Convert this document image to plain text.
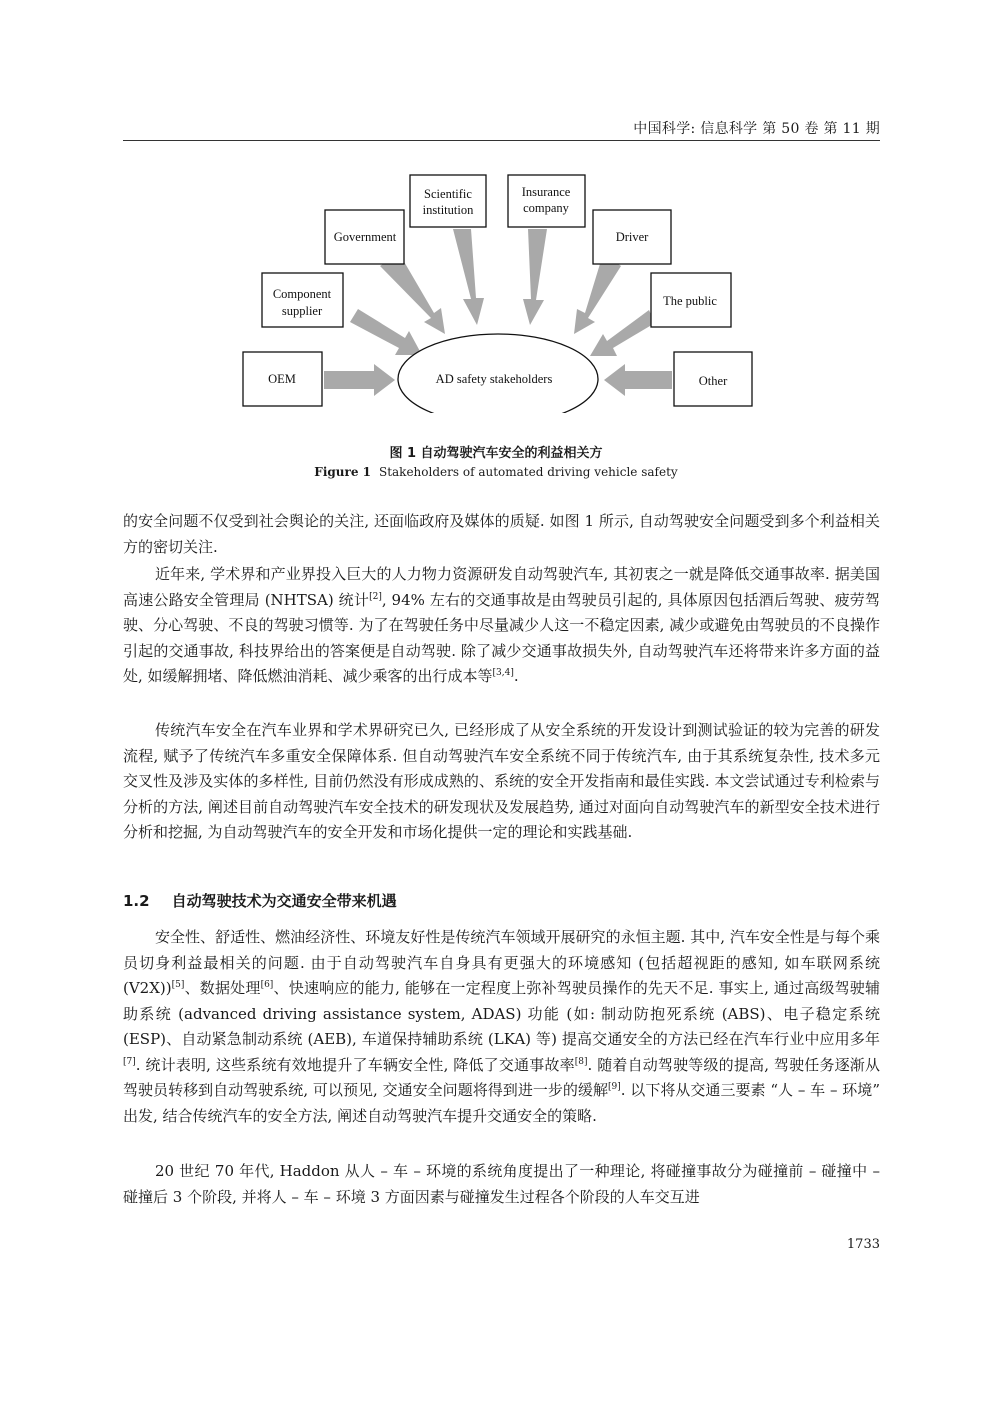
中国科学: 信息科学 第 50 卷 第 11 期
OEM
Component
supplier
Government
Scientific
institution
Insurance
company
Driver
The public
Other
AD safety stakeholders
图 1 自动驾驶汽车安全的利益相关方
Figure 1 Stakeholders of automated driving vehicle safety
的安全问题不仅受到社会舆论的关注, 还面临政府及媒体的质疑. 如图 1 所示, 自动驾驶安全问题受到多个利益相关方的密切关注.
近年来, 学术界和产业界投入巨大的人力物力资源研发自动驾驶汽车, 其初衷之一就是降低交通事故率. 据美国高速公路安全管理局 (NHTSA) 统计[2], 94% 左右的交通事故是由驾驶员引起的, 具体原因包括酒后驾驶、疲劳驾驶、分心驾驶、不良的驾驶习惯等. 为了在驾驶任务中尽量减少人这一不稳定因素, 减少或避免由驾驶员的不良操作引起的交通事故, 科技界给出的答案便是自动驾驶. 除了减少交通事故损失外, 自动驾驶汽车还将带来许多方面的益处, 如缓解拥堵、降低燃油消耗、减少乘客的出行成本等[3,4].
传统汽车安全在汽车业界和学术界研究已久, 已经形成了从安全系统的开发设计到测试验证的较为完善的研发流程, 赋予了传统汽车多重安全保障体系. 但自动驾驶汽车安全系统不同于传统汽车, 由于其系统复杂性, 技术多元交叉性及涉及实体的多样性, 目前仍然没有形成成熟的、系统的安全开发指南和最佳实践. 本文尝试通过专利检索与分析的方法, 阐述目前自动驾驶汽车安全技术的研发现状及发展趋势, 通过对面向自动驾驶汽车的新型安全技术进行分析和挖掘, 为自动驾驶汽车的安全开发和市场化提供一定的理论和实践基础.
1.2 自动驾驶技术为交通安全带来机遇
安全性、舒适性、燃油经济性、环境友好性是传统汽车领域开展研究的永恒主题. 其中, 汽车安全性是与每个乘员切身利益最相关的问题. 由于自动驾驶汽车自身具有更强大的环境感知 (包括超视距的感知, 如车联网系统 (V2X))[5]、数据处理[6]、快速响应的能力, 能够在一定程度上弥补驾驶员操作的先天不足. 事实上, 通过高级驾驶辅助系统 (advanced driving assistance system, ADAS) 功能 (如: 制动防抱死系统 (ABS)、电子稳定系统 (ESP)、自动紧急制动系统 (AEB), 车道保持辅助系统 (LKA) 等) 提高交通安全的方法已经在汽车行业中应用多年[7]. 统计表明, 这些系统有效地提升了车辆安全性, 降低了交通事故率[8]. 随着自动驾驶等级的提高, 驾驶任务逐渐从驾驶员转移到自动驾驶系统, 可以预见, 交通安全问题将得到进一步的缓解[9]. 以下将从交通三要素 “人 – 车 – 环境” 出发, 结合传统汽车的安全方法, 阐述自动驾驶汽车提升交通安全的策略.
20 世纪 70 年代, Haddon 从人 – 车 – 环境的系统角度提出了一种理论, 将碰撞事故分为碰撞前 – 碰撞中 – 碰撞后 3 个阶段, 并将人 – 车 – 环境 3 方面因素与碰撞发生过程各个阶段的人车交互进
1733
